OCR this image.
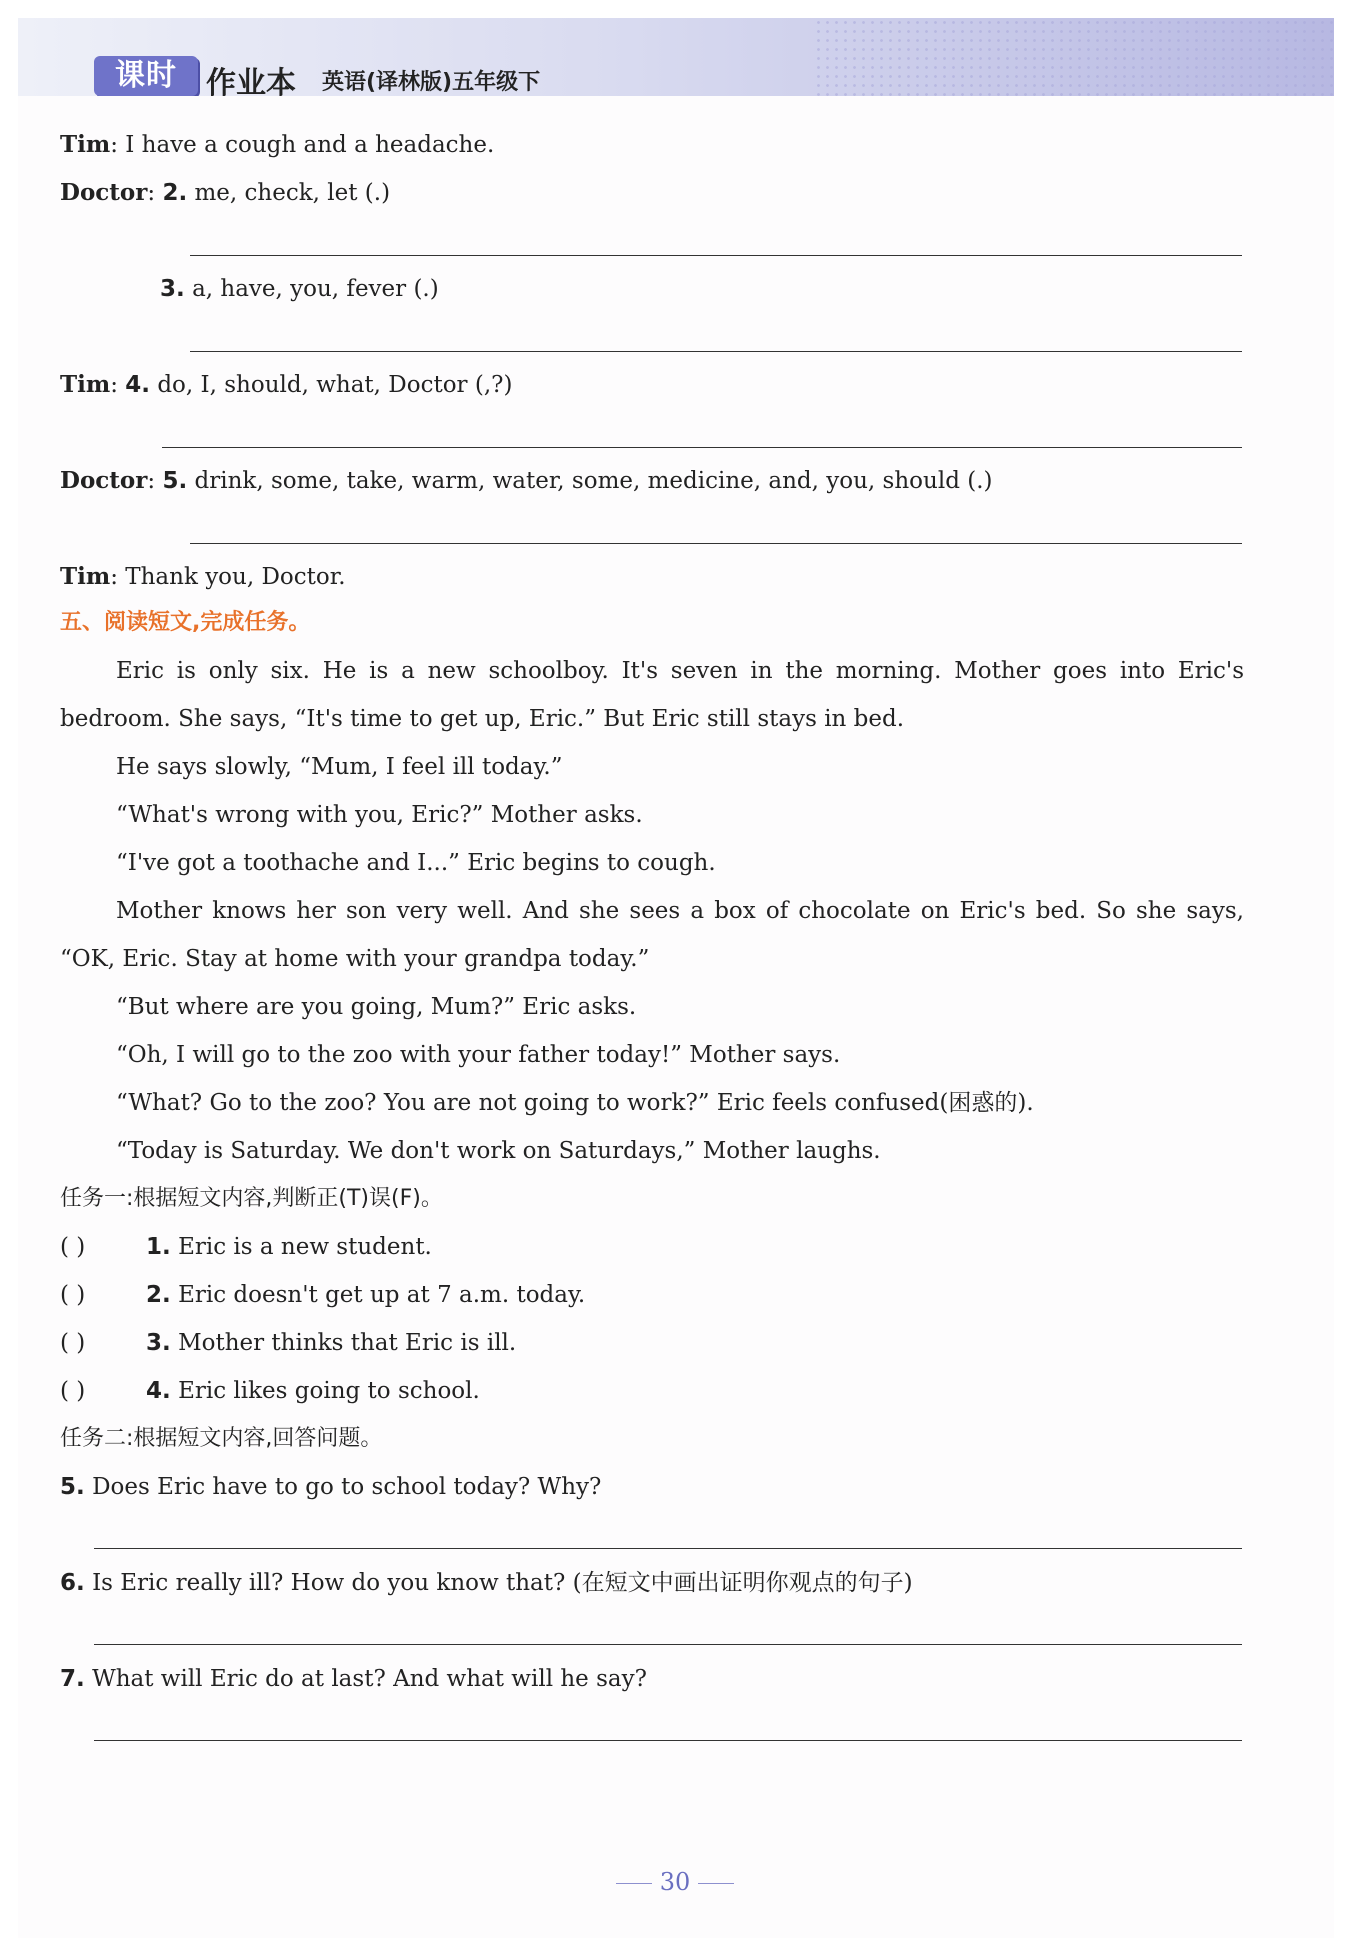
课时 作业本 英语(译林版)五年级下
Tim: I have a cough and a headache.
Doctor: 2. me, check, let (.)
3. a, have, you, fever (.)
Tim: 4. do, I, should, what, Doctor (,?)
Doctor: 5. drink, some, take, warm, water, some, medicine, and, you, should (.)
Tim: Thank you, Doctor.
五、阅读短文,完成任务。
Eric is only six. He is a new schoolboy. It's seven in the morning. Mother goes into Eric's
bedroom. She says, “It's time to get up, Eric.” But Eric still stays in bed.
He says slowly, “Mum, I feel ill today.”
“What's wrong with you, Eric?” Mother asks.
“I've got a toothache and I...” Eric begins to cough.
Mother knows her son very well. And she sees a box of chocolate on Eric's bed. So she says,
“OK, Eric. Stay at home with your grandpa today.”
“But where are you going, Mum?” Eric asks.
“Oh, I will go to the zoo with your father today!” Mother says.
“What? Go to the zoo? You are not going to work?” Eric feels confused(困惑的).
“Today is Saturday. We don't work on Saturdays,” Mother laughs.
任务一:根据短文内容,判断正(T)误(F)。
( )	1. Eric is a new student.
( )	2. Eric doesn't get up at 7 a.m. today.
( )	3. Mother thinks that Eric is ill.
( )	4. Eric likes going to school.
任务二:根据短文内容,回答问题。
5. Does Eric have to go to school today? Why?
6. Is Eric really ill? How do you know that? (在短文中画出证明你观点的句子)
7. What will Eric do at last? And what will he say?
30
